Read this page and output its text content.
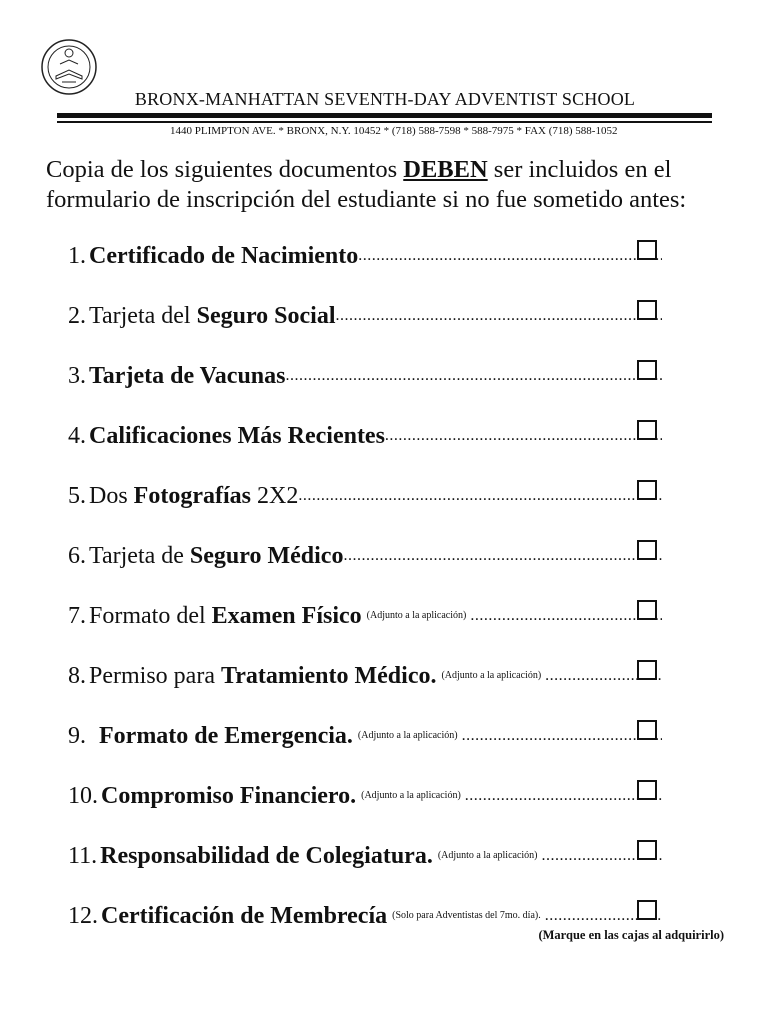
BRONX-MANHATTAN SEVENTH-DAY ADVENTIST SCHOOL
1440 PLIMPTON AVE. * BRONX, N.Y. 10452 * (718) 588-7598 * 588-7975 * FAX (718) 588-1052
Copia de los siguientes documentos DEBEN ser incluidos en el formulario de inscripción del estudiante si no fue sometido antes:
1. Certificado de Nacimiento
.....
2. Tarjeta del Seguro Social
.....
3. Tarjeta de Vacunas
.....
4. Calificaciones Más Recientes
.....
5. Dos Fotografías 2X2
.....
6. Tarjeta de Seguro Médico
.....
7. Formato del Examen Físico (Adjunto a la aplicación)
.....
8. Permiso para Tratamiento Médico. (Adjunto a la aplicación)
.....
9. Formato de Emergencia. (Adjunto a la aplicación)
.....
10. Compromiso Financiero. (Adjunto a la aplicación)
.....
11. Responsabilidad de Colegiatura. (Adjunto a la aplicación)
.....
12. Certificación de Membrecía (Solo para Adventistas del 7mo. día).
.....
(Marque en las cajas al adquirirlo)
